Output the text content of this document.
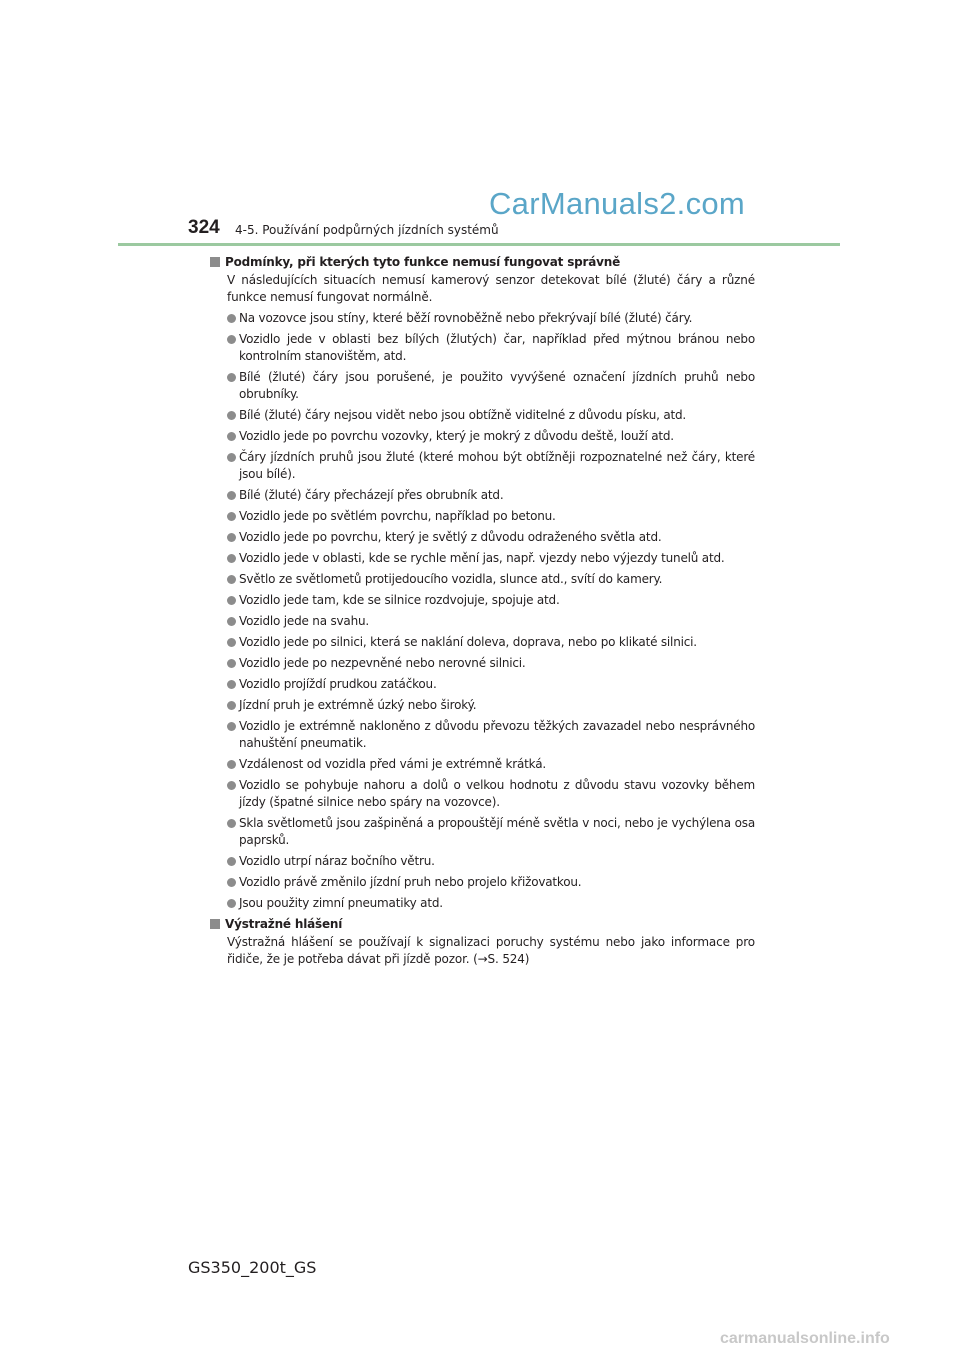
CarManuals2.com
324	4-5. Používání podpůrných jízdních systémů
Podmínky, při kterých tyto funkce nemusí fungovat správně
V následujících situacích nemusí kamerový senzor detekovat bílé (žluté) čáry a různé funkce nemusí fungovat normálně.
Na vozovce jsou stíny, které běží rovnoběžně nebo překrývají bílé (žluté) čáry.
Vozidlo jede v oblasti bez bílých (žlutých) čar, například před mýtnou bránou nebo kontrolním stanovištěm, atd.
Bílé (žluté) čáry jsou porušené, je použito vyvýšené označení jízdních pruhů nebo obrubníky.
Bílé (žluté) čáry nejsou vidět nebo jsou obtížně viditelné z důvodu písku, atd.
Vozidlo jede po povrchu vozovky, který je mokrý z důvodu deště, louží atd.
Čáry jízdních pruhů jsou žluté (které mohou být obtížněji rozpoznatelné než čáry, které jsou bílé).
Bílé (žluté) čáry přecházejí přes obrubník atd.
Vozidlo jede po světlém povrchu, například po betonu.
Vozidlo jede po povrchu, který je světlý z důvodu odraženého světla atd.
Vozidlo jede v oblasti, kde se rychle mění jas, např. vjezdy nebo výjezdy tunelů atd.
Světlo ze světlometů protijedoucího vozidla, slunce atd., svítí do kamery.
Vozidlo jede tam, kde se silnice rozdvojuje, spojuje atd.
Vozidlo jede na svahu.
Vozidlo jede po silnici, která se naklání doleva, doprava, nebo po klikaté silnici.
Vozidlo jede po nezpevněné nebo nerovné silnici.
Vozidlo projíždí prudkou zatáčkou.
Jízdní pruh je extrémně úzký nebo široký.
Vozidlo je extrémně nakloněno z důvodu převozu těžkých zavazadel nebo nesprávného nahuštění pneumatik.
Vzdálenost od vozidla před vámi je extrémně krátká.
Vozidlo se pohybuje nahoru a dolů o velkou hodnotu z důvodu stavu vozovky během jízdy (špatné silnice nebo spáry na vozovce).
Skla světlometů jsou zašpiněná a propouštějí méně světla v noci, nebo je vychýlena osa paprsků.
Vozidlo utrpí náraz bočního větru.
Vozidlo právě změnilo jízdní pruh nebo projelo křižovatkou.
Jsou použity zimní pneumatiky atd.
Výstražné hlášení
Výstražná hlášení se používají k signalizaci poruchy systému nebo jako informace pro řidiče, že je potřeba dávat při jízdě pozor. (→S. 524)
GS350_200t_GS
carmanualsonline.info
